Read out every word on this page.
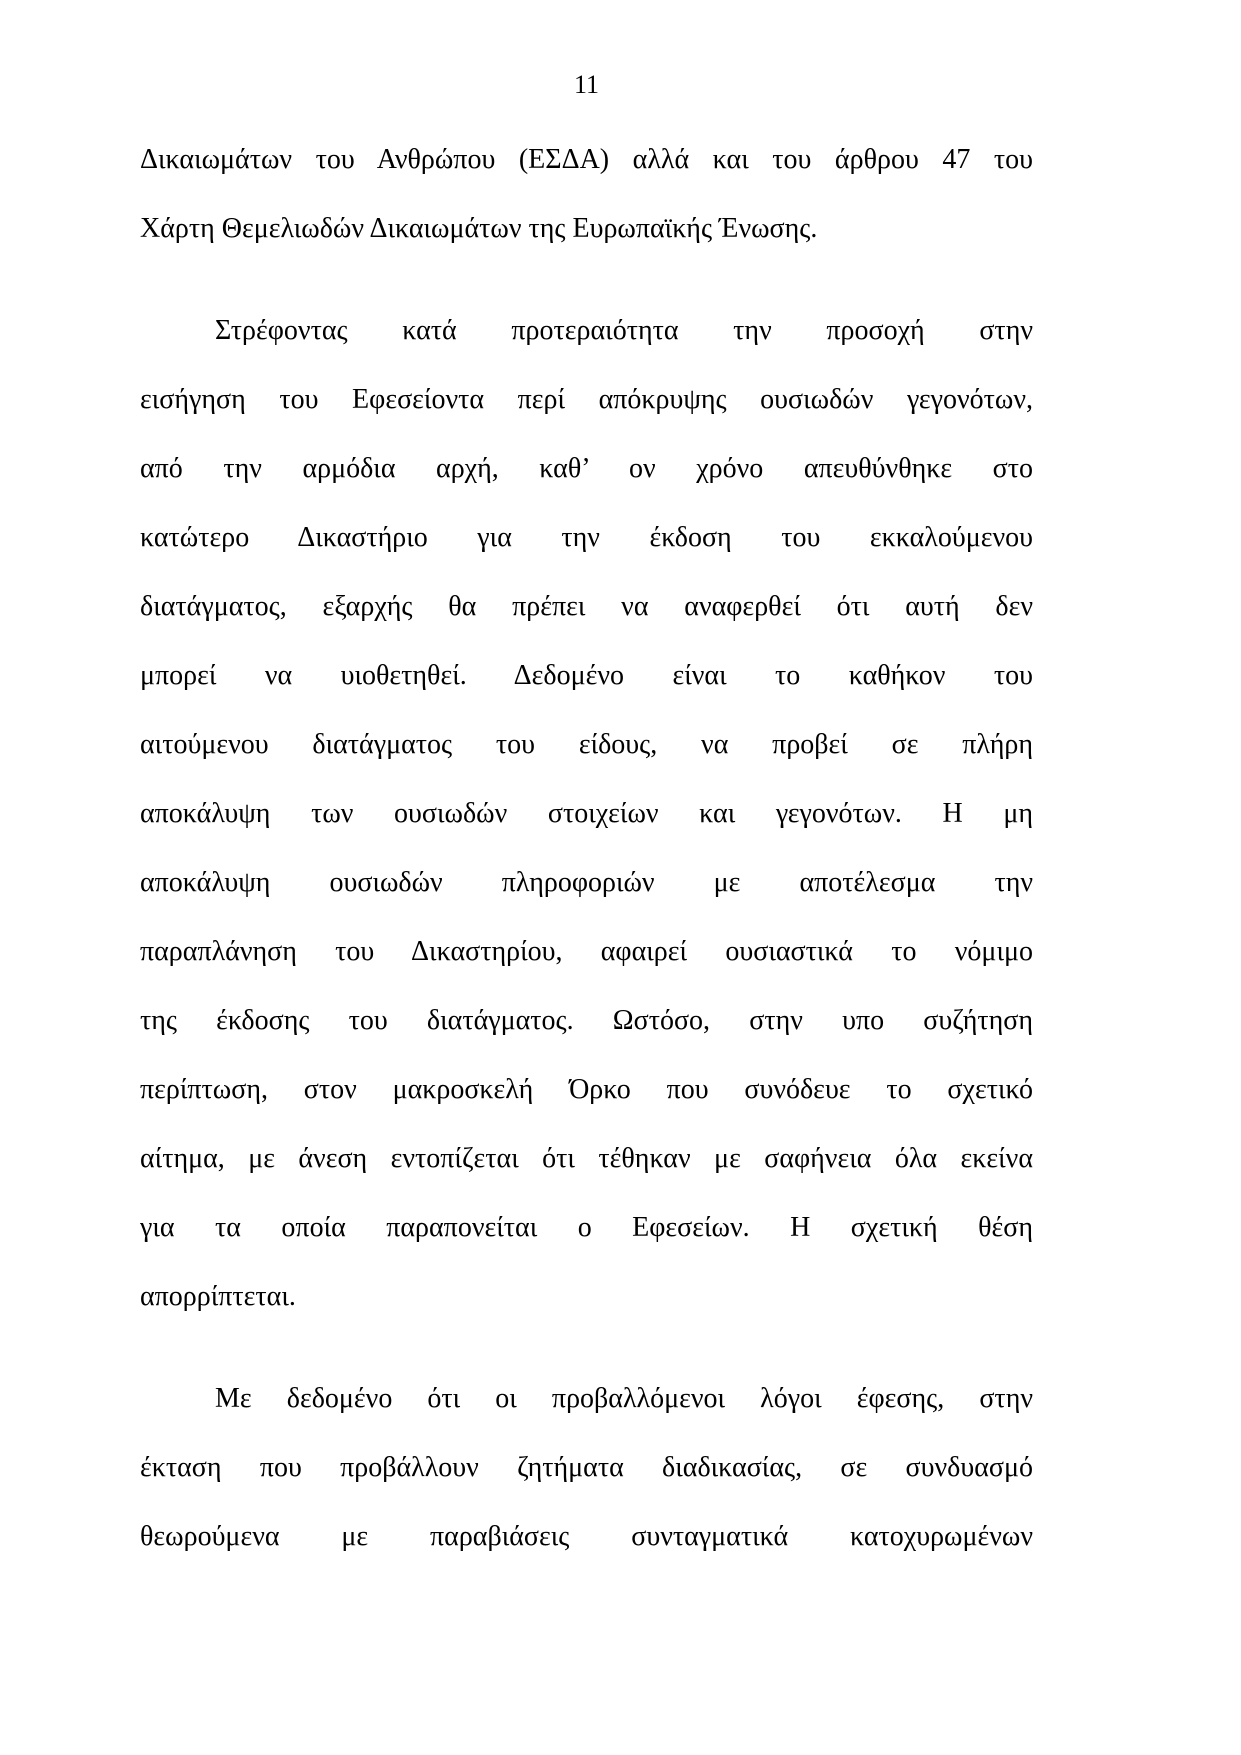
11
Δικαιωμάτων του Ανθρώπου (ΕΣΔΑ) αλλά και του άρθρου 47 του
Χάρτη Θεμελιωδών Δικαιωμάτων της Ευρωπαϊκής Ένωσης.
Στρέφοντας κατά προτεραιότητα την προσοχή στην
εισήγηση του Εφεσείοντα περί απόκρυψης ουσιωδών γεγονότων,
από την αρμόδια αρχή, καθ’ ον χρόνο απευθύνθηκε στο
κατώτερο Δικαστήριο για την έκδοση του εκκαλούμενου
διατάγματος, εξαρχής θα πρέπει να αναφερθεί ότι αυτή δεν
μπορεί να υιοθετηθεί. Δεδομένο είναι το καθήκον του
αιτούμενου διατάγματος του είδους, να προβεί σε πλήρη
αποκάλυψη των ουσιωδών στοιχείων και γεγονότων. Η μη
αποκάλυψη ουσιωδών πληροφοριών με αποτέλεσμα την
παραπλάνηση του Δικαστηρίου, αφαιρεί ουσιαστικά το νόμιμο
της έκδοσης του διατάγματος. Ωστόσο, στην υπο συζήτηση
περίπτωση, στον μακροσκελή Όρκο που συνόδευε το σχετικό
αίτημα, με άνεση εντοπίζεται ότι τέθηκαν με σαφήνεια όλα εκείνα
για τα οποία παραπονείται ο Εφεσείων. Η σχετική θέση
απορρίπτεται.
Με δεδομένο ότι οι προβαλλόμενοι λόγοι έφεσης, στην
έκταση που προβάλλουν ζητήματα διαδικασίας, σε συνδυασμό
θεωρούμενα με παραβιάσεις συνταγματικά κατοχυρωμένων
